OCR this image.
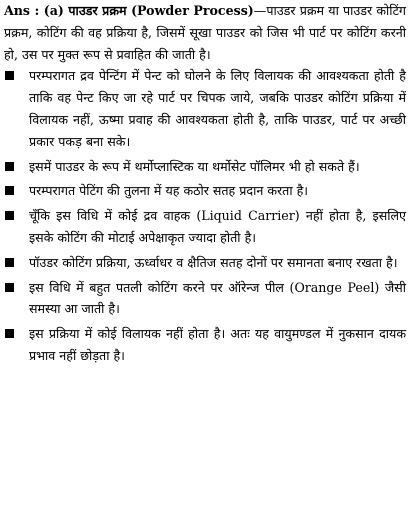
Ans : (a) पाउडर प्रक्रम (Powder Process)—पाउडर प्रक्रम या पाउडर कोटिंग प्रक्रम, कोटिंग की वह प्रक्रिया है, जिसमें सूखा पाउडर को जिस भी पार्ट पर कोटिंग करनी हो, उस पर मुक्त रूप से प्रवाहित की जाती है।

परम्परागत द्रव पेन्टिंग में पेन्ट को घोलने के लिए विलायक की आवश्यकता होती है ताकि वह पेन्ट किए जा रहे पार्ट पर चिपक जाये, जबकि पाउडर कोटिंग प्रक्रिया में विलायक नहीं, ऊष्मा प्रवाह की आवश्यकता होती है, ताकि पाउडर, पार्ट पर अच्छी प्रकार पकड़ बना सके।
इसमें पाउडर के रूप में थर्मोप्लास्टिक या थर्मोसेट पॉलिमर भी हो सकते हैं।
परम्परागत पेटिंग की तुलना में यह कठोर सतह प्रदान करता है।
चूँकि इस विधि में कोई द्रव वाहक (Liquid Carrier) नहीं होता है, इसलिए इसके कोटिंग की मोटाई अपेक्षाकृत ज्यादा होती है।
पॉउडर कोटिंग प्रक्रिया, ऊर्ध्वाधर व क्षैतिज सतह दोनों पर समानता बनाए रखता है।
इस विधि में बहुत पतली कोटिंग करने पर ऑरेन्ज पील (Orange Peel) जैसी समस्या आ जाती है।
इस प्रक्रिया में कोई विलायक नहीं होता है। अतः यह वायुमण्डल में नुकसान दायक प्रभाव नहीं छोड़ता है।
